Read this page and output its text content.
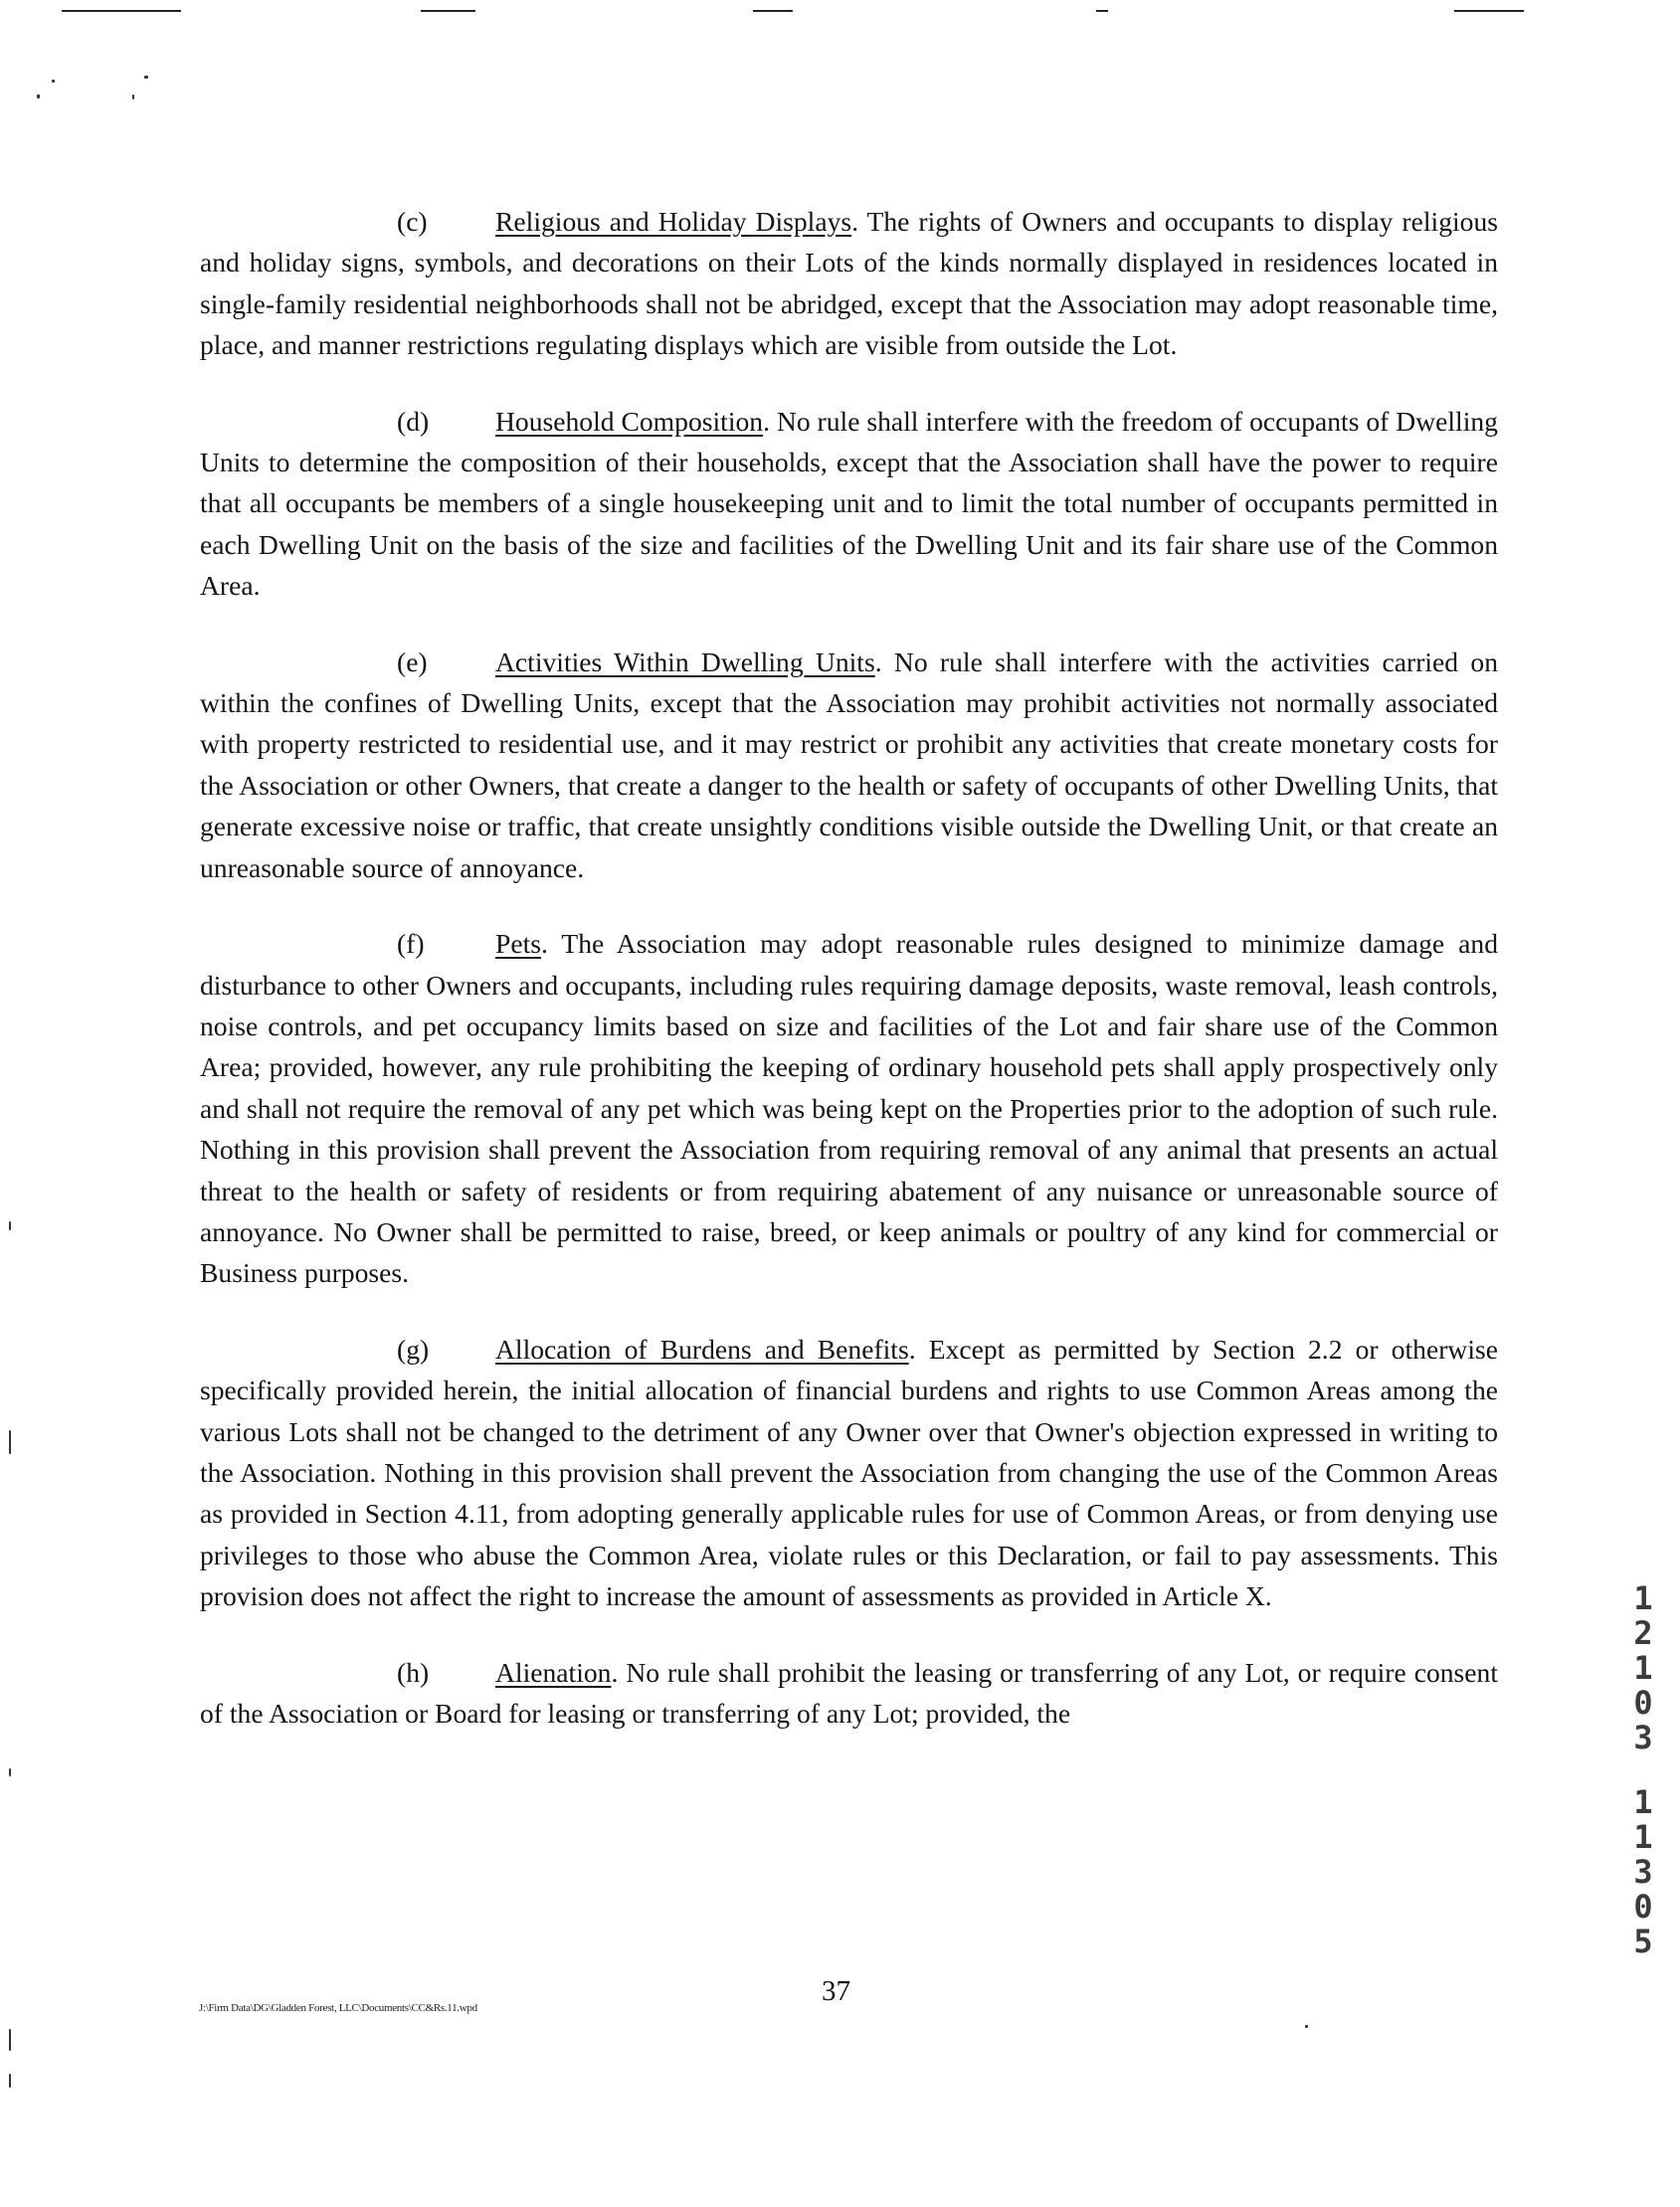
(c) Religious and Holiday Displays. The rights of Owners and occupants to display religious and holiday signs, symbols, and decorations on their Lots of the kinds normally displayed in residences located in single-family residential neighborhoods shall not be abridged, except that the Association may adopt reasonable time, place, and manner restrictions regulating displays which are visible from outside the Lot.

(d) Household Composition. No rule shall interfere with the freedom of occupants of Dwelling Units to determine the composition of their households, except that the Association shall have the power to require that all occupants be members of a single housekeeping unit and to limit the total number of occupants permitted in each Dwelling Unit on the basis of the size and facilities of the Dwelling Unit and its fair share use of the Common Area.

(e) Activities Within Dwelling Units. No rule shall interfere with the activities carried on within the confines of Dwelling Units, except that the Association may prohibit activities not normally associated with property restricted to residential use, and it may restrict or prohibit any activities that create monetary costs for the Association or other Owners, that create a danger to the health or safety of occupants of other Dwelling Units, that generate excessive noise or traffic, that create unsightly conditions visible outside the Dwelling Unit, or that create an unreasonable source of annoyance.

(f)	Pets. The Association may adopt reasonable rules designed to minimize damage and disturbance to other Owners and occupants, including rules requiring damage deposits, waste removal, leash controls, noise controls, and pet occupancy limits based on size and facilities of the Lot and fair share use of the Common Area; provided, however, any rule prohibiting the keeping of ordinary household pets shall apply prospectively only and shall not require the removal of any pet which was being kept on the Properties prior to the adoption of such rule. Nothing in this provision shall prevent the Association from requiring removal of any animal that presents an actual threat to the health or safety of residents or from requiring abatement of any nuisance or unreasonable source of annoyance. No Owner shall be permitted to raise, breed, or keep animals or poultry of any kind for commercial or Business purposes.

(g) Allocation of Burdens and Benefits. Except as permitted by Section 2.2 or otherwise specifically provided herein, the initial allocation of financial burdens and rights to use Common Areas among the various Lots shall not be changed to the detriment of any Owner over that Owner's objection expressed in writing to the Association. Nothing in this provision shall prevent the Association from changing the use of the Common Areas as provided in Section 4.11, from adopting generally applicable rules for use of Common Areas, or from denying use privileges to those who abuse the Common Area, violate rules or this Declaration, or fail to pay assessments. This provision does not affect the right to increase the amount of assessments as provided in Article X.

(h) Alienation. No rule shall prohibit the leasing or transferring of any Lot, or require consent of the Association or Board for leasing or transferring of any Lot; provided, the

J:\Firm Data\DG\Gladden Forest, LLC\Documents\CC&Rs.11.wpd
37
1
2
1
0
3
1
1
3
0
5
